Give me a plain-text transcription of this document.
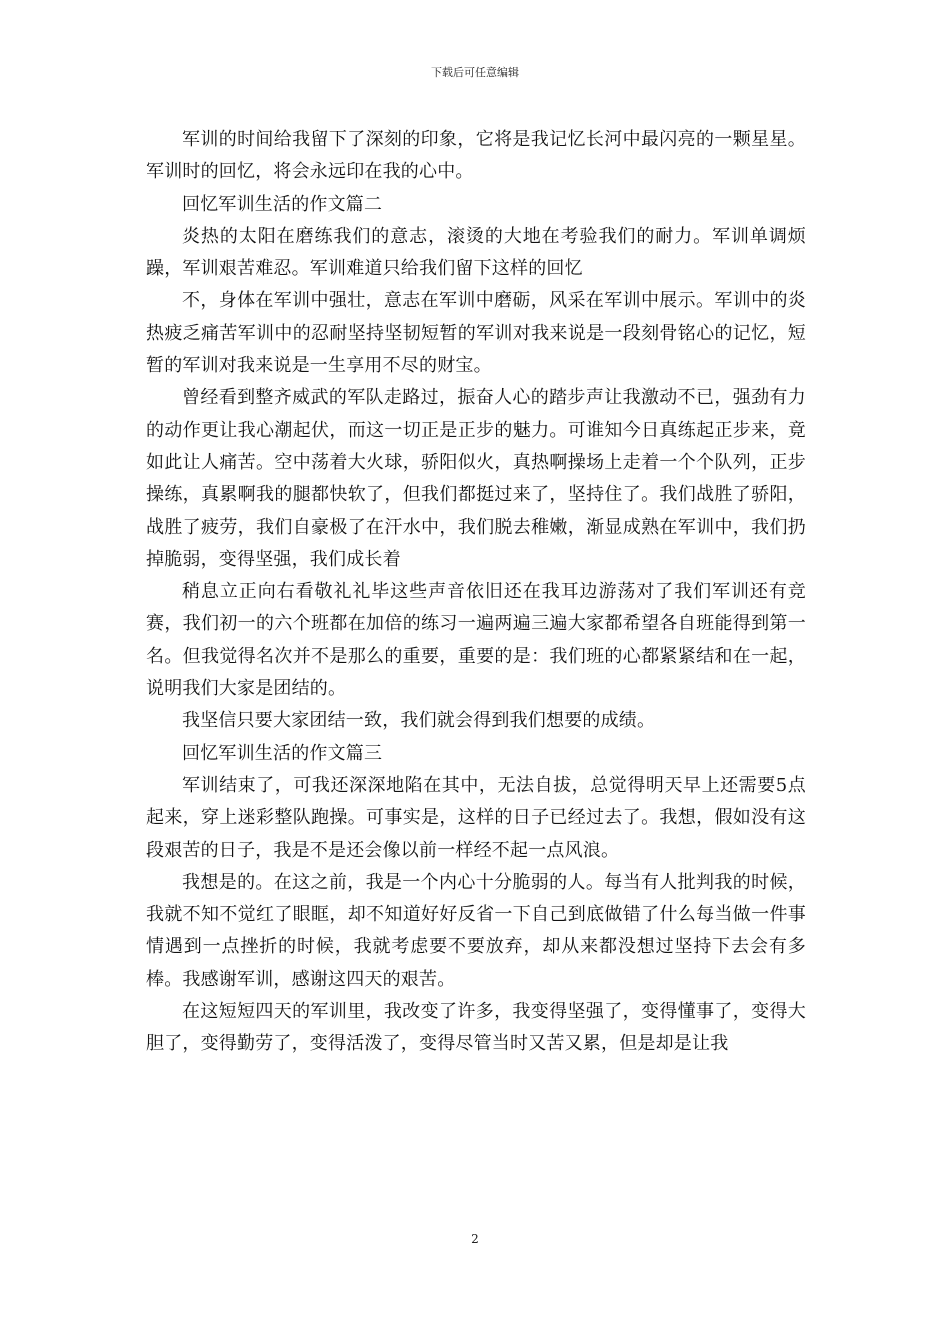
下载后可任意编辑

军训的时间给我留下了深刻的印象，它将是我记忆长河中最闪亮的一颗星星。军训时的回忆，将会永远印在我的心中。

回忆军训生活的作文篇二

炎热的太阳在磨练我们的意志，滚烫的大地在考验我们的耐力。军训单调烦躁，军训艰苦难忍。军训难道只给我们留下这样的回忆

不，身体在军训中强壮，意志在军训中磨砺，风采在军训中展示。军训中的炎热疲乏痛苦军训中的忍耐坚持坚韧短暂的军训对我来说是一段刻骨铭心的记忆，短暂的军训对我来说是一生享用不尽的财宝。

曾经看到整齐威武的军队走路过，振奋人心的踏步声让我激动不已，强劲有力的动作更让我心潮起伏，而这一切正是正步的魅力。可谁知今日真练起正步来，竟如此让人痛苦。空中荡着大火球，骄阳似火，真热啊操场上走着一个个队列，正步操练，真累啊我的腿都快软了，但我们都挺过来了，坚持住了。我们战胜了骄阳，战胜了疲劳，我们自豪极了在汗水中，我们脱去稚嫩，渐显成熟在军训中，我们扔掉脆弱，变得坚强，我们成长着

稍息立正向右看敬礼礼毕这些声音依旧还在我耳边游荡对了我们军训还有竞赛，我们初一的六个班都在加倍的练习一遍两遍三遍大家都希望各自班能得到第一名。但我觉得名次并不是那么的重要，重要的是：我们班的心都紧紧结和在一起，说明我们大家是团结的。

我坚信只要大家团结一致，我们就会得到我们想要的成绩。

回忆军训生活的作文篇三

军训结束了，可我还深深地陷在其中，无法自拔，总觉得明天早上还需要5点起来，穿上迷彩整队跑操。可事实是，这样的日子已经过去了。我想，假如没有这段艰苦的日子，我是不是还会像以前一样经不起一点风浪。

我想是的。在这之前，我是一个内心十分脆弱的人。每当有人批判我的时候，我就不知不觉红了眼眶，却不知道好好反省一下自己到底做错了什么每当做一件事情遇到一点挫折的时候，我就考虑要不要放弃，却从来都没想过坚持下去会有多棒。我感谢军训，感谢这四天的艰苦。

在这短短四天的军训里，我改变了许多，我变得坚强了，变得懂事了，变得大胆了，变得勤劳了，变得活泼了，变得尽管当时又苦又累，但是却是让我

2
